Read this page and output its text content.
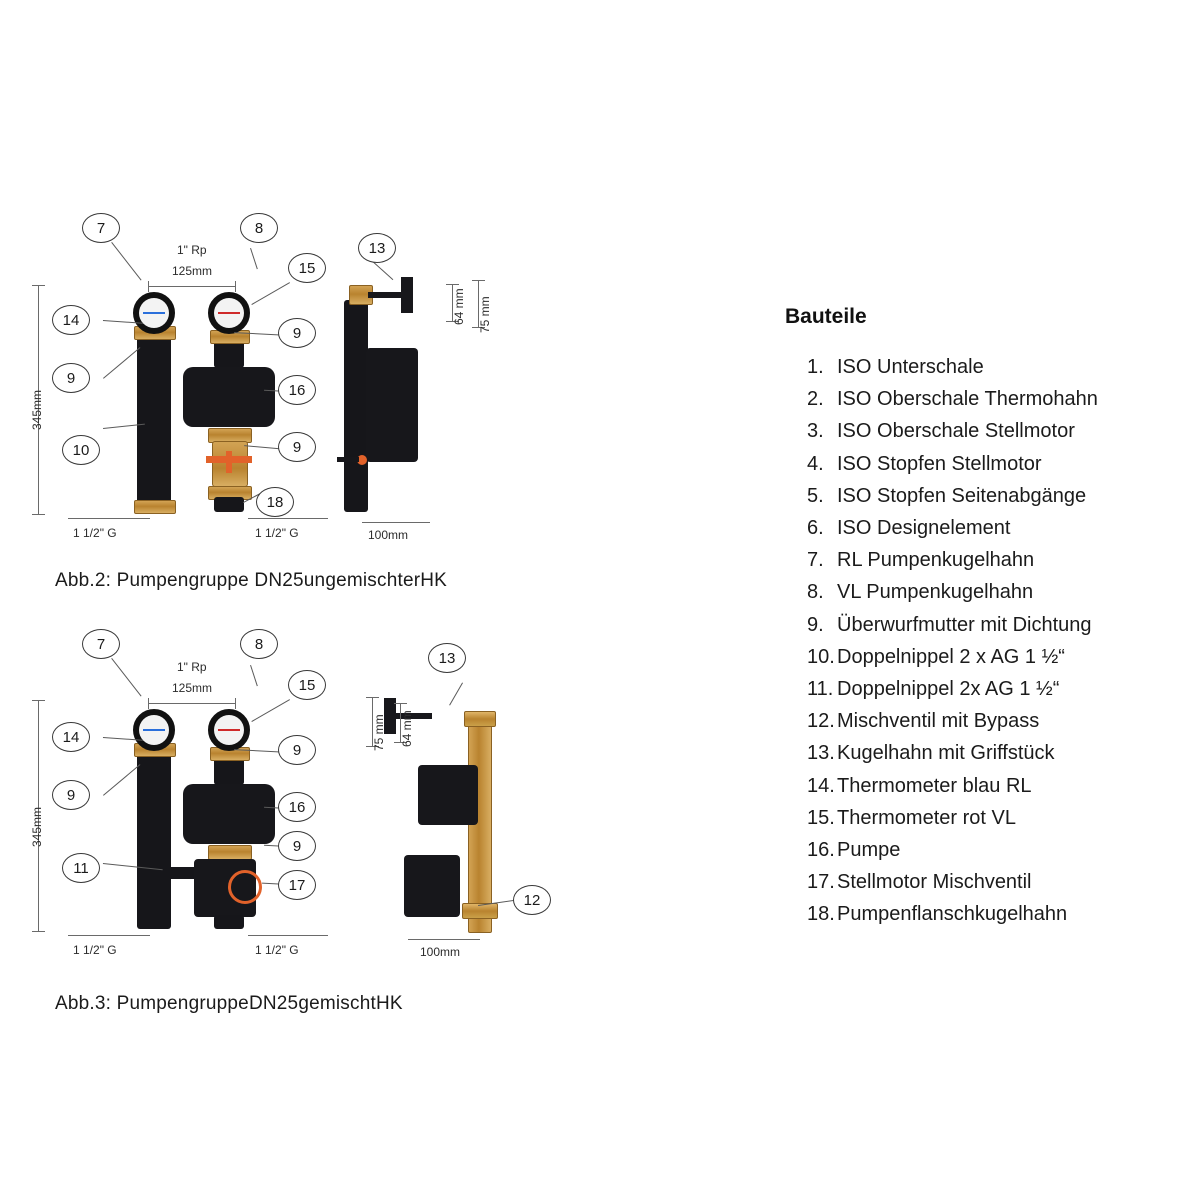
345mm
125mm
1" Rp
64 mm 75 mm
1 1/2" G	1 1/2" G	100mm
7	8
15
13
14
9
9
16
10	9
18
Abb.2: Pumpengruppe DN25ungemischterHK
345mm
125mm
1" Rp
75 mm 64 mm
1 1/2" G	1 1/2" G	100mm
7	8
15
13
14
9
9
16
9
11
17
12
Abb.3: PumpengruppeDN25gemischtHK
Bauteile
1. ISO Unterschale
2. ISO Oberschale Thermohahn
3. ISO Oberschale Stellmotor
4. ISO Stopfen Stellmotor
5. ISO Stopfen Seitenabgänge
6. ISO Designelement
7. RL Pumpenkugelhahn
8. VL Pumpenkugelhahn
9. Überwurfmutter mit Dichtung
10. Doppelnippel 2 x AG 1 ½“
11. Doppelnippel 2x AG 1 ½“
12. Mischventil mit Bypass
13. Kugelhahn mit Griffstück
14. Thermometer blau RL
15. Thermometer rot VL
16. Pumpe
17. Stellmotor Mischventil
18. Pumpenflanschkugelhahn
